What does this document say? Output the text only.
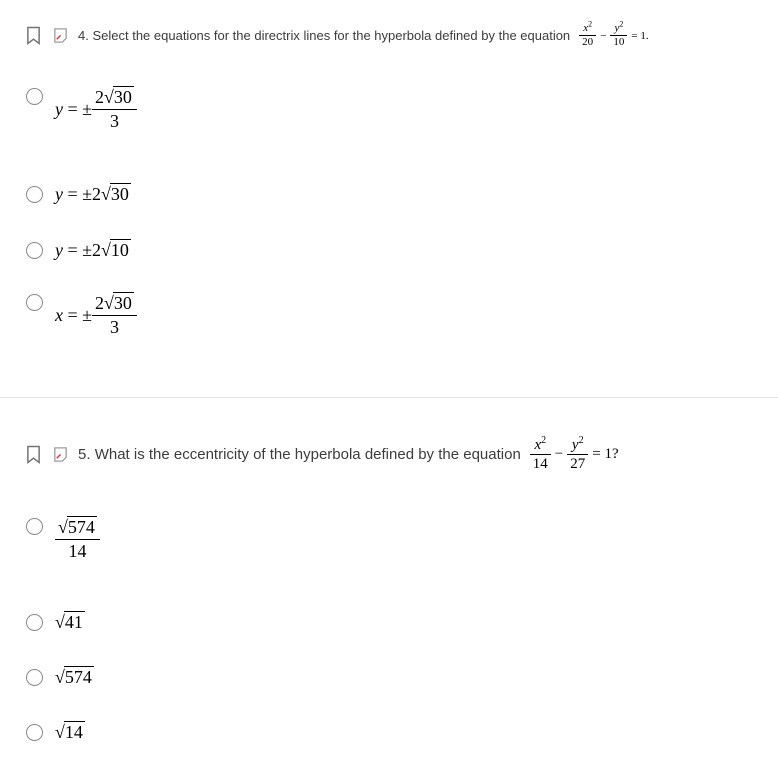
4. Select the equations for the directrix lines for the hyperbola defined by the equation $\frac{x^2}{20} - \frac{y^2}{10} = 1$.
y
= ± $\frac{2√30}{3}$
y
= ± 2 √30
y
= ± 2 √10
x
= ± $\frac{2√30}{3}$
5. What is the eccentricity of the hyperbola defined by the equation $\frac{x^2}{14} - \frac{y^2}{27} = 1$?
$\frac{√574}{14}$
√41
√574
√14
